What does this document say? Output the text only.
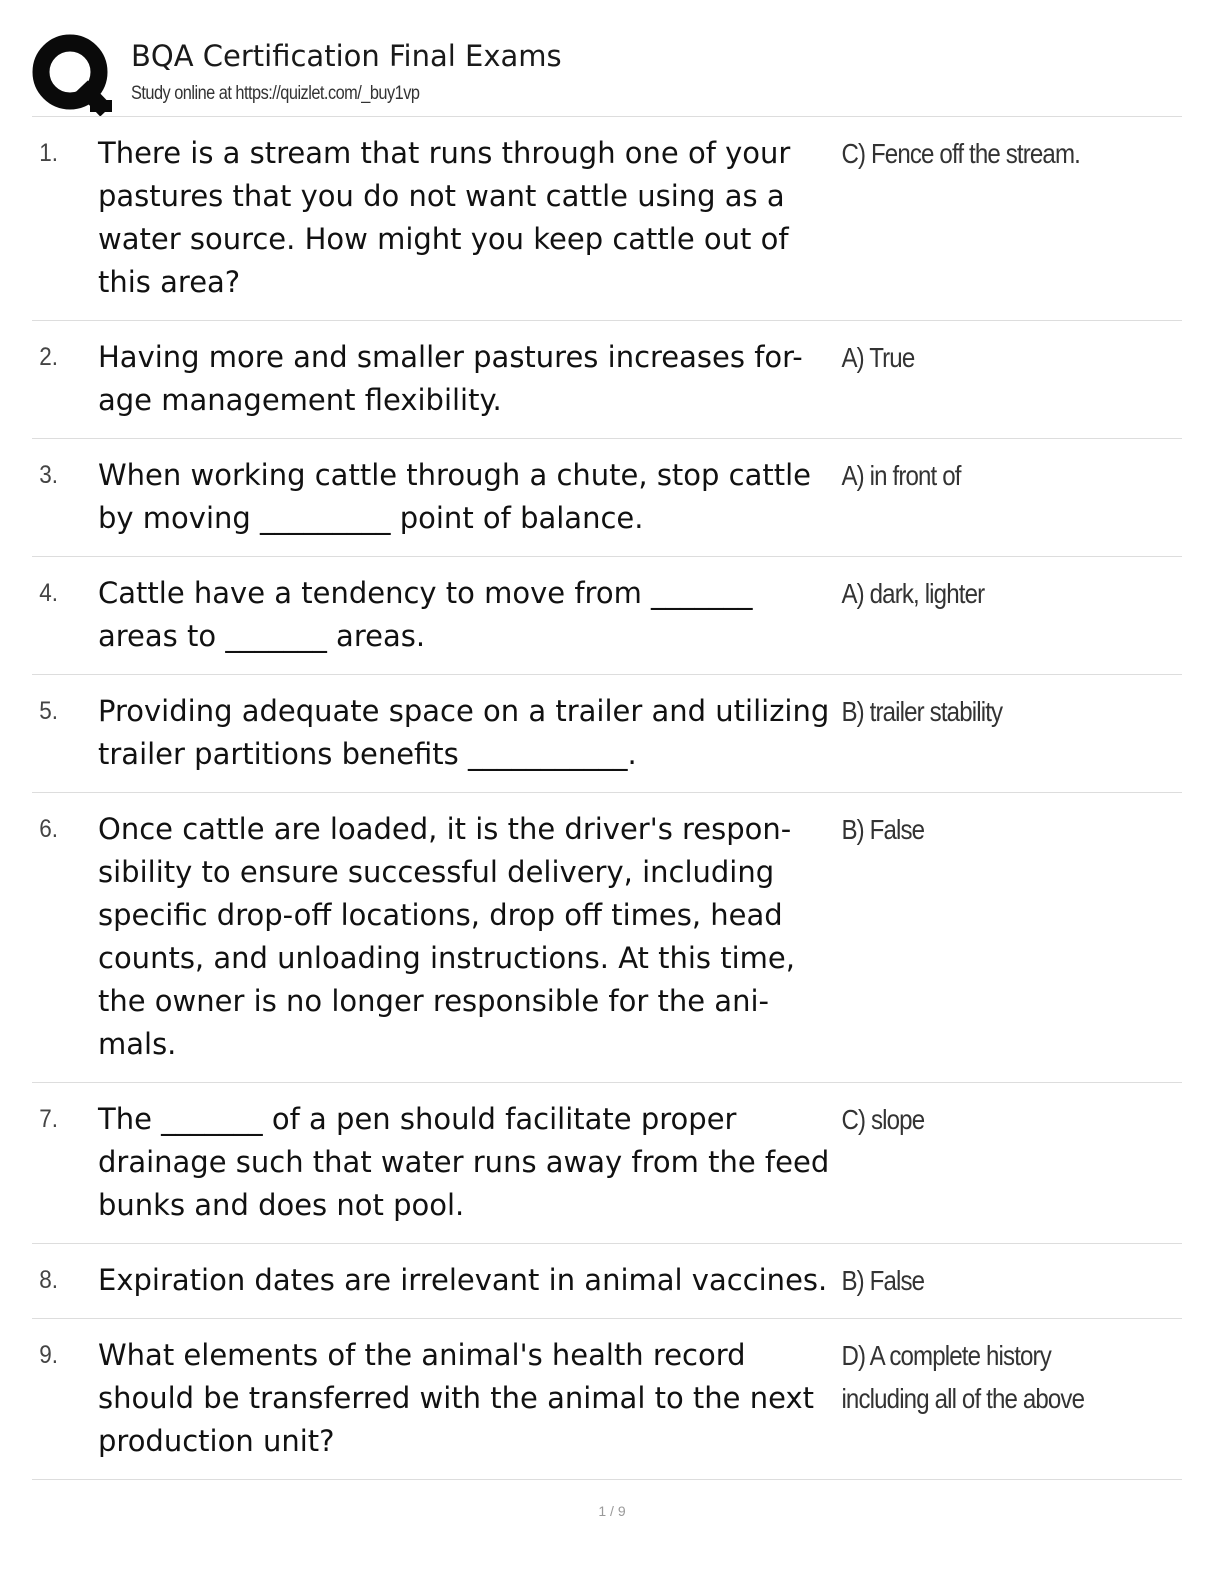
BQA Certification Final Exams
Study online at https://quizlet.com/_buy1vp
1.	There is a stream that runs through one of your pastures that you do not want cattle using as a water source. How might you keep cattle out of this area?
C) Fence off the stream.
2.	Having more and smaller pastures increases for-age management flexibility.
A) True
3.	When working cattle through a chute, stop cattle by moving _________ point of balance.
A) in front of
4.	Cattle have a tendency to move from _______ areas to _______ areas.
A) dark, lighter
5.	Providing adequate space on a trailer and utilizing trailer partitions benefits ___________.
B) trailer stability
6.	Once cattle are loaded, it is the driver's respon-sibility to ensure successful delivery, including specific drop-off locations, drop off times, head counts, and unloading instructions. At this time, the owner is no longer responsible for the ani-mals.
B) False
7.	The _______ of a pen should facilitate proper drainage such that water runs away from the feed bunks and does not pool.
C) slope
8.	Expiration dates are irrelevant in animal vaccines. B) False
9.	What elements of the animal's health record should be transferred with the animal to the next production unit?
D) A complete history including all of the above
1 / 9
